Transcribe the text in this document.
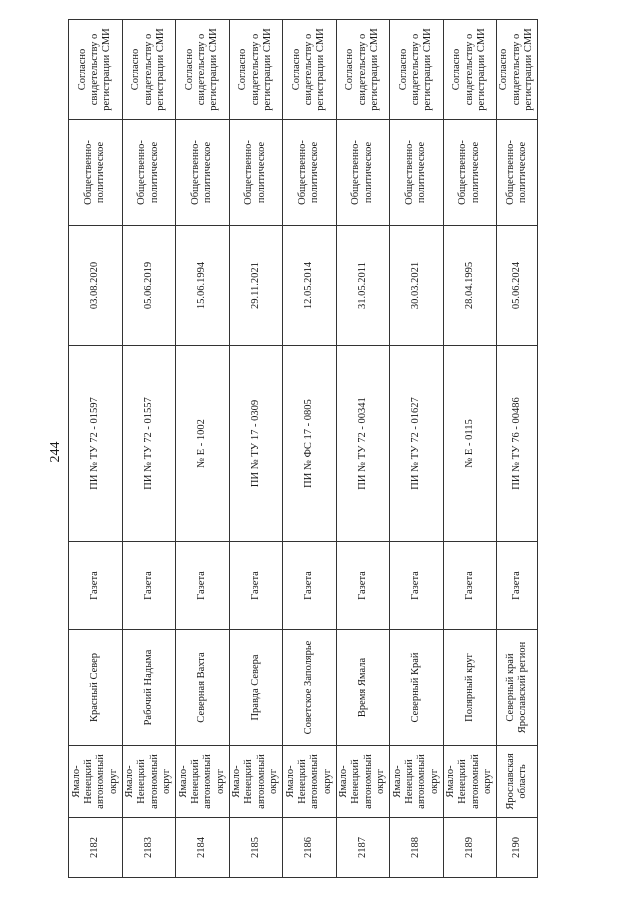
244
2182	Ямало-Ненецкий автономный округ	Красный Север	Газета	ПИ № ТУ 72 - 01597	03.08.2020	Общественно-политическое	Согласно свидетельству о регистрации СМИ
2183	Ямало-Ненецкий автономный округ	Рабочий Надыма	Газета	ПИ № ТУ 72 - 01557	05.06.2019	Общественно-политическое	Согласно свидетельству о регистрации СМИ
2184	Ямало-Ненецкий автономный округ	Северная Вахта	Газета	№ Е - 1002	15.06.1994	Общественно-политическое	Согласно свидетельству о регистрации СМИ
2185	Ямало-Ненецкий автономный округ	Правда Севера	Газета	ПИ № ТУ 17 - 0309	29.11.2021	Общественно-политическое	Согласно свидетельству о регистрации СМИ
2186	Ямало-Ненецкий автономный округ	Советское Заполярье	Газета	ПИ № ФС 17 - 0805	12.05.2014	Общественно-политическое	Согласно свидетельству о регистрации СМИ
2187	Ямало-Ненецкий автономный округ	Время Ямала	Газета	ПИ № ТУ 72 - 00341	31.05.2011	Общественно-политическое	Согласно свидетельству о регистрации СМИ
2188	Ямало-Ненецкий автономный округ	Северный Край	Газета	ПИ № ТУ 72 - 01627	30.03.2021	Общественно-политическое	Согласно свидетельству о регистрации СМИ
2189	Ямало-Ненецкий автономный округ	Полярный круг	Газета	№ Е - 0115	28.04.1995	Общественно-политическое	Согласно свидетельству о регистрации СМИ
2190	Ярославская область	Северный край Ярославский регион	Газета	ПИ № ТУ 76 - 00486	05.06.2024	Общественно-политическое	Согласно свидетельству о регистрации СМИ
